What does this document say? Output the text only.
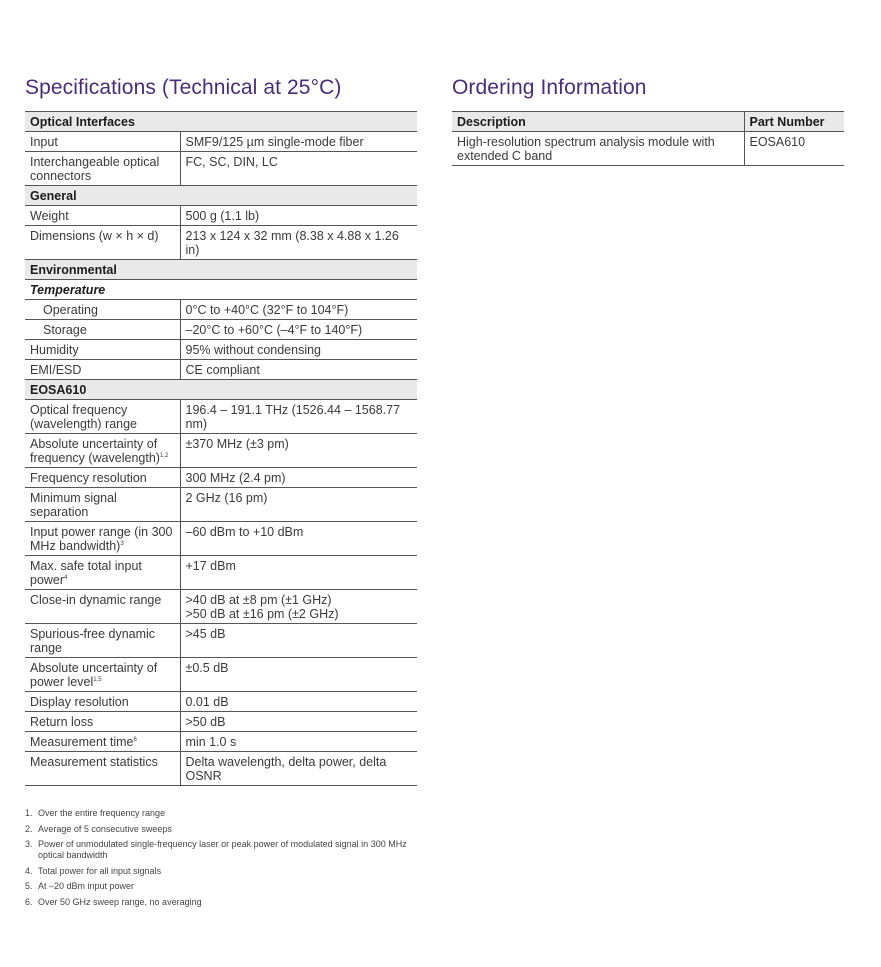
Specifications (Technical at 25°C)	Ordering Information
Optical Interfaces	
Input	SMF9/125 µm single-mode fiber
Interchangeable optical connectors	FC, SC, DIN, LC
General	
Weight	500 g (1.1 lb)
Dimensions (w × h × d)	213 x 124 x 32 mm (8.38 x 4.88 x 1.26 in)
Environmental	
Temperature	
Operating	0°C to +40°C (32°F to 104°F)
Storage	–20°C to +60°C (–4°F to 140°F)
Humidity	95% without condensing
EMI/ESD	CE compliant
EOSA610	
Optical frequency (wavelength) range	196.4 – 191.1 THz (1526.44 – 1568.77 nm)
Absolute uncertainty of frequency (wavelength)$^{1,2}$	±370 MHz (±3 pm)
Frequency resolution	300 MHz (2.4 pm)
Minimum signal separation	2 GHz (16 pm)
Input power range (in 300 MHz bandwidth)$^3$	–60 dBm to +10 dBm
Max. safe total input power$^4$	+17 dBm
Close-in dynamic range	>40 dB at ±8 pm (±1 GHz)
>50 dB at ±16 pm (±2 GHz)

Spurious-free dynamic range	>45 dB
Absolute uncertainty of power level$^{1,5}$	±0.5 dB
Display resolution	0.01 dB
Return loss	>50 dB
Measurement time$^6$	min 1.0 s
Measurement statistics	Delta wavelength, delta power, delta OSNR
Description	Part Number
High-resolution spectrum analysis module with extended C band	EOSA610
1. Over the entire frequency range
2. Average of 5 consecutive sweeps
3. Power of unmodulated single-frequency laser or peak power of modulated signal in 300 MHz optical bandwidth
4. Total power for all input signals
5. At –20 dBm input power
6. Over 50 GHz sweep range, no averaging
